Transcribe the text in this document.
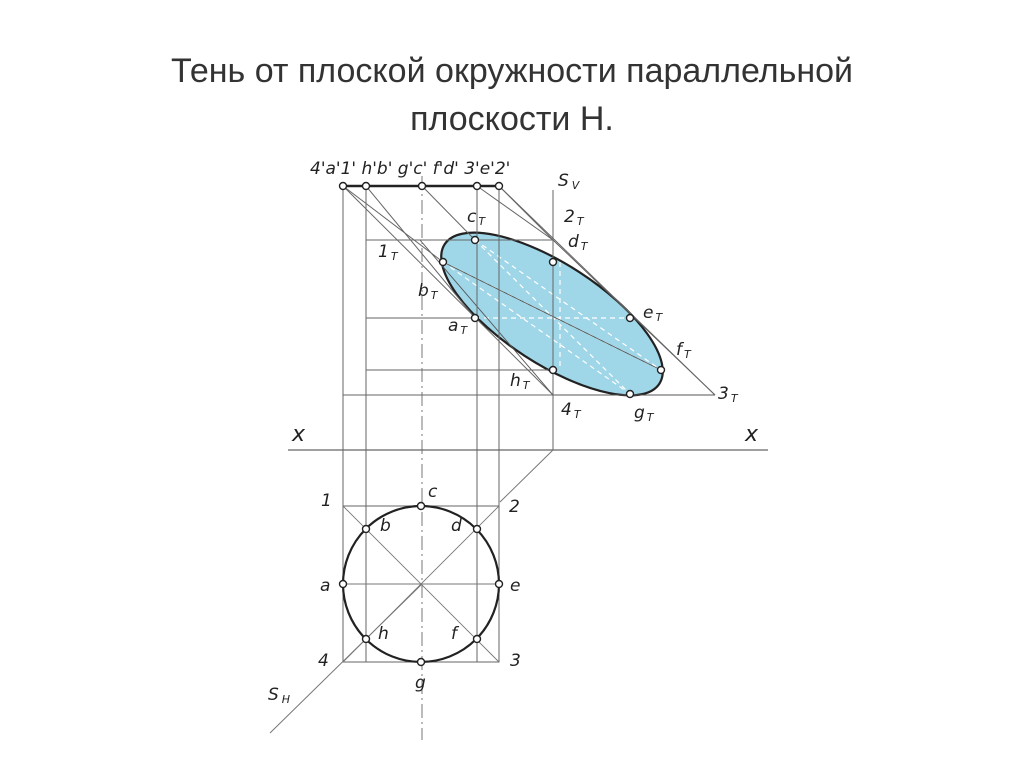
Тень от плоской окружности параллельной
плоскости Н.
4'a'1' h'b' g'c' f'd' 3'e'2'
S V
c T	2 T
d T
1 T
b T
a T
e T
f T
h T	3 T
4 T	g T
x	x
1	c
2
b	d
a	e
h	f
4	3
g
S H
